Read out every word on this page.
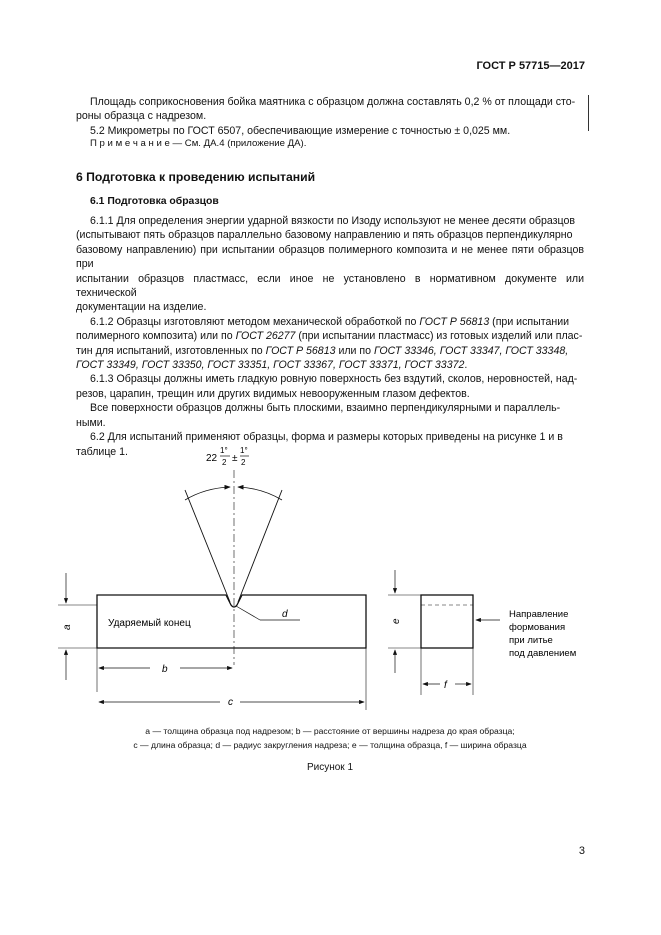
ГОСТ Р 57715—2017

Площадь соприкосновения бойка маятника с образцом должна составлять 0,2 % от площади сто-

роны образца с надрезом.

5.2 Микрометры по ГОСТ 6507, обеспечивающие измерение с точностью ± 0,025 мм.

П р и м е ч а н и е — См. ДА.4 (приложение ДА).
6 Подготовка к проведению испытаний
6.1 Подготовка образцов

6.1.1 Для определения энергии ударной вязкости по Изоду используют не менее десяти образцов

(испытывают пять образцов параллельно базовому направлению и пять образцов перпендикулярно

базовому направлению) при испытании образцов полимерного композита и не менее пяти образцов при

испытании образцов пластмасс, если иное не установлено в нормативном документе или технической

документации на изделие.

6.1.2 Образцы изготовляют методом механической обработкой по ГОСТ Р 56813 (при испытании

полимерного композита) или по ГОСТ 26277 (при испытании пластмасс) из готовых изделий или плас-

тин для испытаний, изготовленных по ГОСТ Р 56813 или по ГОСТ 33346, ГОСТ 33347, ГОСТ 33348,

ГОСТ 33349, ГОСТ 33350, ГОСТ 33351, ГОСТ 33367, ГОСТ 33371, ГОСТ 33372.

6.1.3 Образцы должны иметь гладкую ровную поверхность без вздутий, сколов, неровностей, над-

резов, царапин, трещин или других видимых невооруженным глазом дефектов.

Все поверхности образцов должны быть плоскими, взаимно перпендикулярными и параллель-

ными.

6.2 Для испытаний применяют образцы, форма и размеры которых приведены на рисунке 1 и в

таблице 1.

22
1°
2 ±
1°
2
Ударяемый конец
d
a
b
c
e
f
Направление
формования
при литье
под давлением
a — толщина образца под надрезом; b — расстояние от вершины надреза до края образца;
c — длина образца; d — радиус закругления надреза; e — толщина образца, f — ширина образца
Рисунок 1
3
